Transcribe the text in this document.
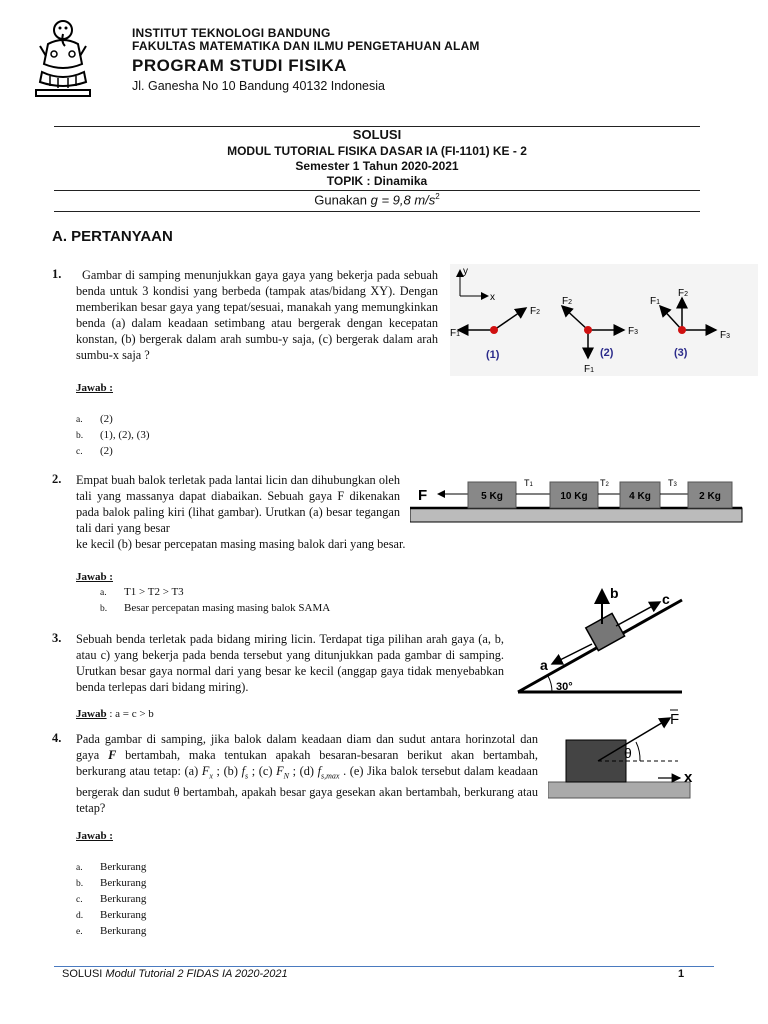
INSTITUT TEKNOLOGI BANDUNG
FAKULTAS MATEMATIKA DAN ILMU PENGETAHUAN ALAM
PROGRAM STUDI FISIKA
Jl. Ganesha No 10 Bandung 40132 Indonesia
SOLUSI
MODUL TUTORIAL FISIKA DASAR IA (FI-1101) KE - 2
Semester 1 Tahun 2020-2021
TOPIK : Dinamika
Gunakan g = 9,8 $m/s^2$
A. PERTANYAAN
1.	Gambar di samping menunjukkan gaya gaya yang bekerja pada sebuah benda untuk 3 kondisi yang berbeda (tampak atas/bidang XY). Dengan memberikan besar gaya yang tepat/sesuai, manakah yang memungkinkan benda (a) dalam keadaan setimbang atau bergerak dengan kecepatan konstan, (b) bergerak dalam arah sumbu-y saja, (c) bergerak dalam arah sumbu-x saja ?
y
x
F1
F2
(1)
F2
F3
F1
(2)
F1
F2
F3
(3)
Jawab :
a. (2)
b. (1), (2), (3)
c. (2)
2. Empat buah balok terletak pada lantai licin dan dihubungkan oleh tali yang massanya dapat diabaikan. Sebuah gaya F dikenakan pada balok paling kiri (lihat gambar). Urutkan (a) besar tegangan tali dari yang besar
ke kecil (b) besar percepatan masing masing balok dari yang besar.
F	5 Kg
T1
10 Kg
T2
4 Kg
T3
2 Kg
Jawab :
a. T1 > T2 > T3
b. Besar percepatan masing masing balok SAMA
3. Sebuah benda terletak pada bidang miring licin. Terdapat tiga pilihan arah gaya (a, b, atau c) yang bekerja pada benda tersebut yang ditunjukkan pada gambar di samping. Urutkan besar gaya normal dari yang besar ke kecil (anggap gaya tidak menyebabkan benda terlepas dari bidang miring).	30°
b	c
a
Jawab : a = c > b
4. Pada gambar di samping, jika balok dalam keadaan diam dan sudut antara horinzotal dan gaya F bertambah, maka tentukan apakah besaran-besaran berikut akan bertambah, berkurang atau tetap: (a) $F_x$ ; (b) $f_s$ ; (c) $F_N$ ; (d) $f_{s,max}$ . (e) Jika balok tersebut dalam keadaan bergerak dan sudut θ bertambah, apakah besar gaya gesekan akan bertambah, berkurang atau tetap?
θ
F
x
Jawab :
a. Berkurang
b. Berkurang
c. Berkurang
d. Berkurang
e. Berkurang
SOLUSI Modul Tutorial 2 FIDAS IA 2020-2021	1
